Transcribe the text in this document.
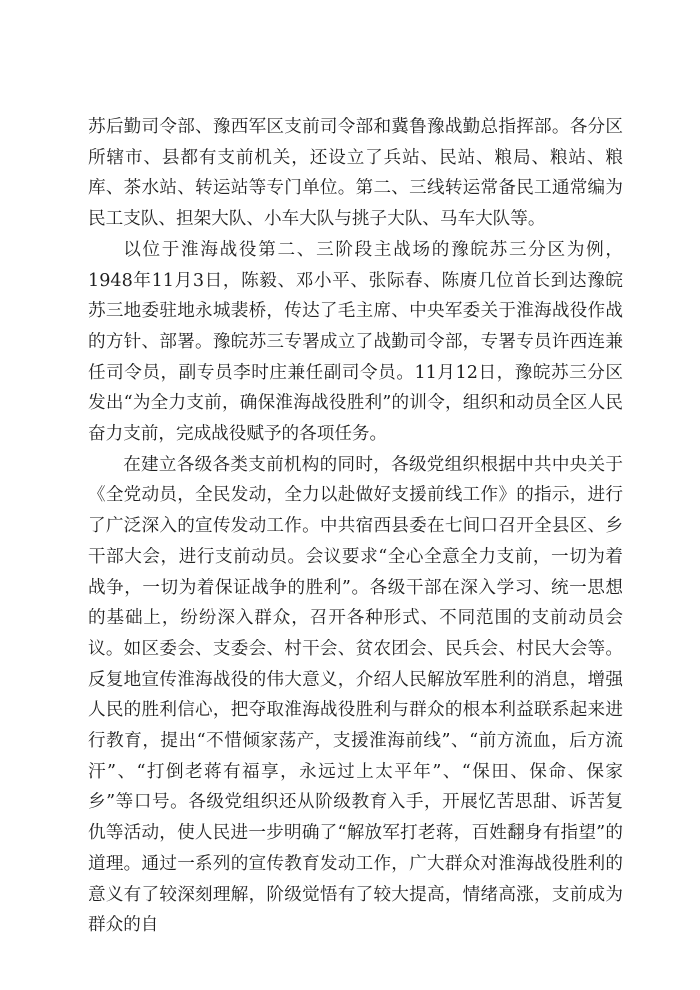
苏后勤司令部、豫西军区支前司令部和冀鲁豫战勤总指挥部。各分区所辖市、县都有支前机关，还设立了兵站、民站、粮局、粮站、粮库、茶水站、转运站等专门单位。第二、三线转运常备民工通常编为民工支队、担架大队、小车大队与挑子大队、马车大队等。

以位于淮海战役第二、三阶段主战场的豫皖苏三分区为例，1948年11月3日，陈毅、邓小平、张际春、陈赓几位首长到达豫皖苏三地委驻地永城裴桥，传达了毛主席、中央军委关于淮海战役作战的方针、部署。豫皖苏三专署成立了战勤司令部，专署专员许西连兼任司令员，副专员李时庄兼任副司令员。11月12日，豫皖苏三分区发出“为全力支前，确保淮海战役胜利”的训令，组织和动员全区人民奋力支前，完成战役赋予的各项任务。

在建立各级各类支前机构的同时，各级党组织根据中共中央关于《全党动员，全民发动，全力以赴做好支援前线工作》的指示，进行了广泛深入的宣传发动工作。中共宿西县委在七间口召开全县区、乡干部大会，进行支前动员。会议要求“全心全意全力支前，一切为着战争，一切为着保证战争的胜利”。各级干部在深入学习、统一思想的基础上，纷纷深入群众，召开各种形式、不同范围的支前动员会议。如区委会、支委会、村干会、贫农团会、民兵会、村民大会等。反复地宣传淮海战役的伟大意义，介绍人民解放军胜利的消息，增强人民的胜利信心，把夺取淮海战役胜利与群众的根本利益联系起来进行教育，提出“不惜倾家荡产，支援淮海前线”、“前方流血，后方流汗”、“打倒老蒋有福享，永远过上太平年”、“保田、保命、保家乡”等口号。各级党组织还从阶级教育入手，开展忆苦思甜、诉苦复仇等活动，使人民进一步明确了“解放军打老蒋，百姓翻身有指望”的道理。通过一系列的宣传教育发动工作，广大群众对淮海战役胜利的意义有了较深刻理解，阶级觉悟有了较大提高，情绪高涨，支前成为群众的自
